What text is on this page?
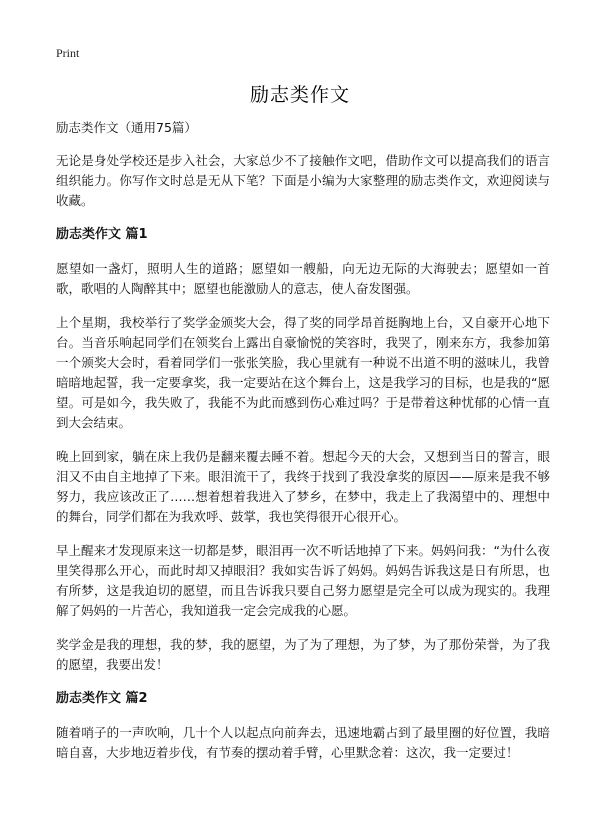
Print
励志类作文

励志类作文（通用75篇）

无论是身处学校还是步入社会，大家总少不了接触作文吧，借助作文可以提高我们的语言组织能力。你写作文时总是无从下笔？下面是小编为大家整理的励志类作文，欢迎阅读与收藏。

励志类作文 篇1

愿望如一盏灯，照明人生的道路；愿望如一艘船，向无边无际的大海驶去；愿望如一首歌，歌唱的人陶醉其中；愿望也能激励人的意志，使人奋发图强。

上个星期，我校举行了奖学金颁奖大会，得了奖的同学昂首挺胸地上台，又自豪开心地下台。当音乐响起同学们在领奖台上露出自豪愉悦的笑容时，我哭了，刚来东方，我参加第一个颁奖大会时，看着同学们一张张笑脸，我心里就有一种说不出道不明的滋味儿，我曾暗暗地起誓，我一定要拿奖，我一定要站在这个舞台上，这是我学习的目标，也是我的“愿望。可是如今，我失败了，我能不为此而感到伤心难过吗？于是带着这种忧郁的心情一直到大会结束。

晚上回到家，躺在床上我仍是翻来覆去睡不着。想起今天的大会，又想到当日的誓言，眼泪又不由自主地掉了下来。眼泪流干了，我终于找到了我没拿奖的原因——原来是我不够努力，我应该改正了……想着想着我进入了梦乡，在梦中，我走上了我渴望中的、理想中的舞台，同学们都在为我欢呼、鼓掌，我也笑得很开心很开心。

早上醒来才发现原来这一切都是梦，眼泪再一次不听话地掉了下来。妈妈问我：“为什么夜里笑得那么开心，而此时却又掉眼泪？我如实告诉了妈妈。妈妈告诉我这是日有所思，也有所梦，这是我迫切的愿望，而且告诉我只要自己努力愿望是完全可以成为现实的。我理解了妈妈的一片苦心，我知道我一定会完成我的心愿。

奖学金是我的理想，我的梦，我的愿望，为了为了理想，为了梦，为了那份荣誉，为了我的愿望，我要出发！

励志类作文 篇2

随着哨子的一声吹响，几十个人以起点向前奔去，迅速地霸占到了最里圈的好位置，我暗暗自喜，大步地迈着步伐，有节奏的摆动着手臂，心里默念着：这次，我一定要过！
